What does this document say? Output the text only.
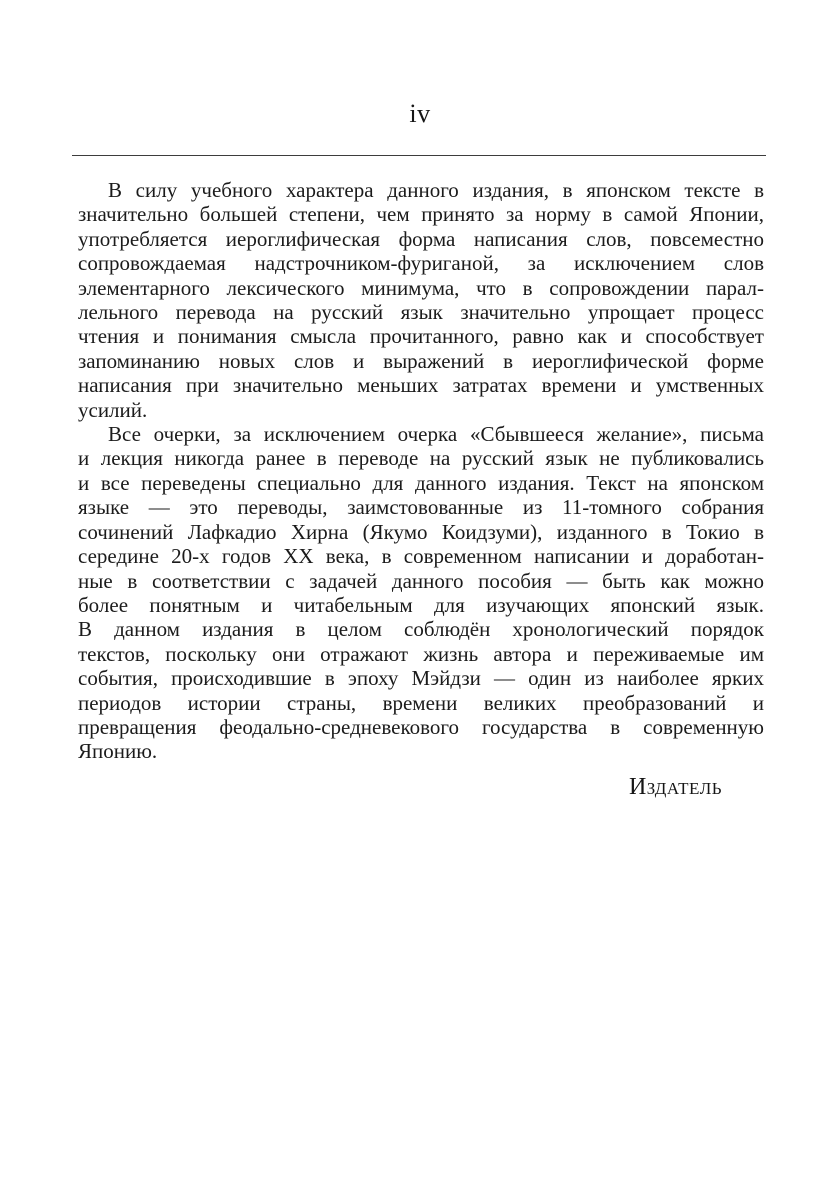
iv
В силу учебного характера данного издания, в японском тексте в
значительно большей степени, чем принято за норму в самой Японии,
употребляется иероглифическая форма написания слов, повсеместно
сопровождаемая надстрочником-фуриганой, за исключением слов
элементарного лексического минимума, что в сопровождении парал-
лельного перевода на русский язык значительно упрощает процесс
чтения и понимания смысла прочитанного, равно как и способствует
запоминанию новых слов и выражений в иероглифической форме
написания при значительно меньших затратах времени и умственных
усилий.
Все очерки, за исключением очерка «Сбывшееся желание», письма
и лекция никогда ранее в переводе на русский язык не публиковались
и все переведены специально для данного издания. Текст на японском
языке — это переводы, заимстовованные из 11-томного собрания
сочинений Лафкадио Хирна (Якумо Коидзуми), изданного в Токио в
середине 20-х годов XX века, в современном написании и доработан-
ные в соответствии с задачей данного пособия — быть как можно
более понятным и читабельным для изучающих японский язык.
В данном издания в целом соблюдён хронологический порядок
текстов, поскольку они отражают жизнь автора и переживаемые им
события, происходившие в эпоху Мэйдзи — один из наиболее ярких
периодов истории страны, времени великих преобразований и
превращения феодально-средневекового государства в современную
Японию.
Издатель
